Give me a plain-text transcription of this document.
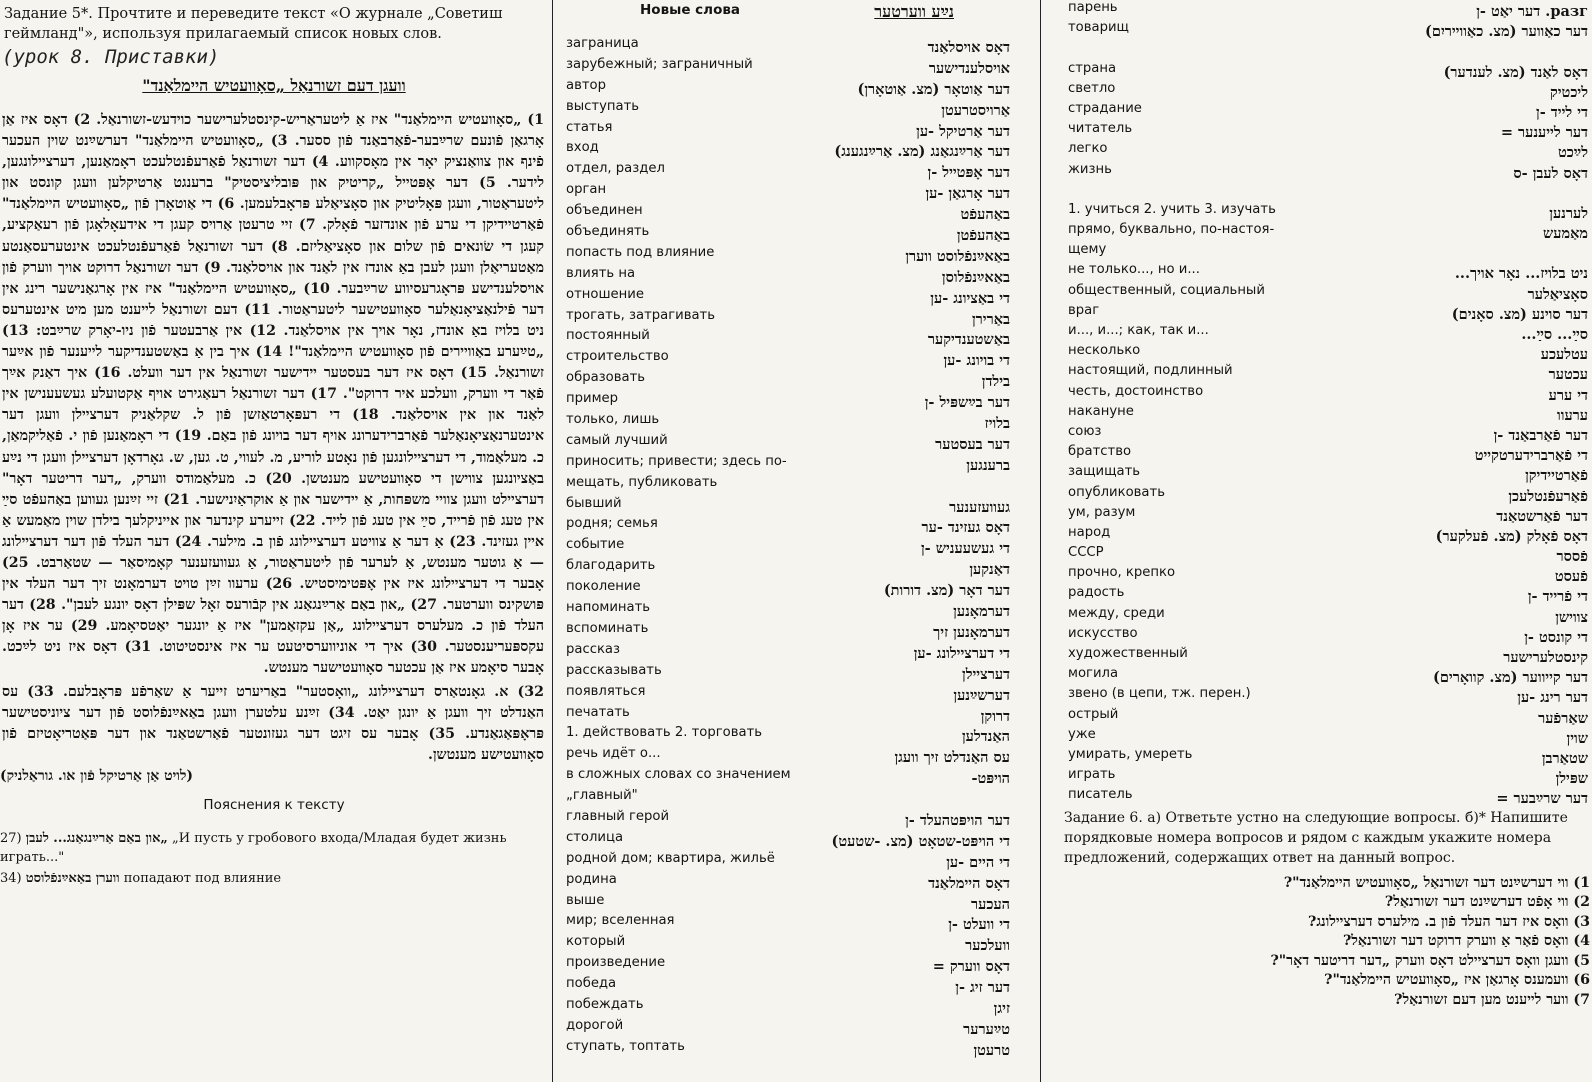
Задание 5*. Прочтите и переведите текст «О журнале „Советиш геймланд"», используя прилагаемый список новых слов.
(урок 8. Приставки)
וועגן דעם זשורנאַל „סאָוועטיש היימלאַנד"

1) „סאָוועטיש היימלאַנד" איז אַ ליטעראַריש-קינסטלערישער כוידעש-זשורנאַל. 2) דאָס איז אַן אָרגאַן פֿונעם שרײַבער-פֿאַרבאַנד פֿון ססער. 3) „סאָוועטיש היימלאַנד" דערשײַנט שוין העכער פֿינף און צוואַנציק יאָר אין מאָסקווע. 4) דער זשורנאַל פֿאַרעפֿנטלעכט ראָמאַנען, דערציילונגען, לידער. 5) דער אָפּטייל „קריטיק און פּובליציסטיק" ברענגט אַרטיקלען וועגן קונסט און ליטעראַטור, וועגן פּאָליטיק און סאָציאַלע פּראָבלעמען. 6) די אַוטאָרן פֿון „סאָוועטיש היימלאַנד" פֿאַרטיידיקן די ערע פֿון אונדזער פֿאָלק. 7) זיי טרעטן אַרויס קעגן די אידעאָלאָגן פֿון רעאַקציע, קעגן די שׂונאים פֿון שלום און סאָציאַליזם. 8) דער זשורנאַל פֿאַרעפֿנטלעכט אינטערעסאַנטע מאַטעריאַלן וועגן לעבן באַ אונדז אין לאַנד און אויסלאַנד. 9) דער זשורנאַל דרוקט אויך ווערק פֿון אויסלענדישע פּראָגרעסיווע שרײַבער. 10) „סאָוועטיש היימלאַנד" איז אין אָרגאַנישער רינג אין דער פֿילנאַציאָנאַלער סאָוועטישער ליטעראַטור. 11) דעם זשורנאַל לייענט מען מיט אינטערעס ניט בלויז באַ אונדז, נאָר אויך אין אויסלאַנד. 12) אין אַרבעטער פֿון ניו-יאָרק שרײַבט: 13) „טײַערע באַוויירים פֿון סאָוועטיש היימלאַנד"! 14) איך בין אַ באַשטענדיקער לייענער פֿון אײַער זשורנאַל. 15) דאָס איז דער בעסטער יידישער זשורנאַל אין דער וועלט. 16) איך דאַנק אײַך פֿאַר די ווערק, וועלכע איר דרוקט". 17) דער זשורנאַל רעאַגירט אויף אַקטועלע געשעענישן אין לאַנד און אין אויסלאַנד. 18) די רעפּאָרטאַזשן פֿון ל. שקלאַניק דערציילן וועגן דער אינטערנאַציאָנאַלער פֿאַרברידערונג אויף דער בויונג פֿון באַם. 19) די ראָמאַנען פֿון י. פֿאַליקמאַן, כ. מעלאַמוד, די דערציילונגען פֿון נאָטע לוריע, מ. לעווי, ט. גען, ש. גאָרדאָן דערציילן וועגן די נײַע באַציונגען צווישן די סאָוועטישע מענטשן. 20) כ. מעלאַמודס ווערק, „דער דריטער דאָר" דערציילט וועגן צוויי משפּחות, אַ יידישער און אַ אוקראַיִנישער. 21) זיי זײַנען געווען באַהעפֿט סײַ אין טעג פֿון פֿרייד, סײַ אין טעג פֿון לייד. 22) זייערע קינדער און אייניקלעך בילדן שוין מאַמעש אַ איין געזינד. 23) אַ דער אַ צוויטע דערציילונג פֿון ב. מילער. 24) דער העלד פֿון דער דערציילונג — אַ גוטער מענטש, אַ לערער פֿון ליטעראַטור, אַ געוועזענער קאָמיסאַר — שטאַרבט. 25) אָבער די דערציילונג איז אין אָפּטימיסטיש. 26) ערעוו זײַן טויט דערמאָנט זיך דער העלד אין פּושקינס ווערטער. 27) „און באַם אַרײַנגאַנג אין קבֿורעס זאָל שפּילן דאָס יונגע לעבן". 28) דער העלד פֿון כ. מעלערס דערציילונג „אַן עקזאַמען" איז אַ יונגער יאַטסיאָמע. 29) ער איז אָן עקספּעריענסטער. 30) איך די אוניווערסיטעט ער איז אינסטיטוט. 31) דאָס איז ניט לײַכט. אָבער סיאָמע איז אַן עכטער סאָוועטישער מענטש.

32) א. גאָנטאַרס דערציילונג „וואָסטער" באַריערט זייער אַ שאַרפֿע פּראָבלעם. 33) עס האַנדלט זיך וועגן אַ יונגן יאַט. 34) זײַנע עלטערן וועגן באַאײַנפֿלוסט פֿון דער ציוניסטישער פּראָפּאַגאַנדע. 35) אָבער עס זיגט דער געזונטער פֿאַרשטאַנד און דער פּאַטריאָטיזם פֿון סאָוועטישע מענטשן.

(לויט אַן אַרטיקל פֿון או. גוראַלניק)
Пояснения к тексту
27) „און באַם אַרײַנגאַנג... לעבן „И пусть у гробового входа/Младая будет жизнь играть..."
34) ווערן באַאײַנפֿלוסט попадают под влияние
Новые слова	נײַע ווערטער
заграница	דאָס אויסלאַנד
зарубежный; заграничный	אויסלענדישער
автор	דער אַוטאָר (מצ. אַוטאָרן)
выступать	אַרויסטרעטן
статья	דער אַרטיקל -ען
вход	דער אַרײַנגאַנג (מצ. אַרײַנגענג)
отдел, раздел	דער אָפּטייל -ן
орган	דער אָרגאַן -ען
объединен	באַהעפֿט
объединять	באַהעפֿטן
попасть под влияние	באַאײַנפֿלוסט ווערן
влиять на	באַאײַנפֿלוסן
отношение	די באַציונג -ען
трогать, затрагивать	באַרירן
постоянный	באַשטענדיקער
строительство	די בויונג -ען
образовать	בילדן
пример	דער בײַשפּיל -ן
только, лишь	בלויז
самый лучший	דער בעסטער
приносить; привести; здесь по-	ברענגען
мещать, публиковать
бывший	געוועזענער
родня; семья	דאָס געזינד -ער
событие	די געשעעניש -ן
благодарить	דאַנקען
поколение	דער דאָר (מצ. דורות)
напоминать	דערמאָנען
вспоминать	דערמאָנען זיך
рассказ	די דערציילונג -ען
рассказывать	דערציילן
появляться	דערשײַנען
печатать	דרוקן
1. действовать 2. торговать	האַנדלען
речь идёт о...	עס האַנדלט זיך וועגן
в сложных словах со значением	הויפּט-
„главный"
главный герой	דער הויפּטהעלד -ן
столица	די הויפּט-שטאָט (מצ. -שטעט)
родной дом; квартира, жильё	די היים -ען
родина	דאָס היימלאַנד
выше	העכער
мир; вселенная	די וועלט -ן
который	וועלכער
произведение	דאָס ווערק =
победа	דער זיג -ן
побеждать	זיגן
дорогой	טײַערער
ступать, топтать	טרעטן
парень	разг. דער יאַט -ן
товарищ	דער כאַווער (מצ. כאַווייריִם)
страна	דאָס לאַנד (מצ. לענדער)
светло	ליכטיק
страдание	די לייד -ן
читатель	דער לייענער =
легко	לײַכט
жизнь	דאָס לעבן -ס
1. учиться 2. учить 3. изучать	לערנען
прямо, буквально, по-настоя-	מאַמעש
щему
не только..., но и...	ניט בלויז... נאָר אויך...
общественный, социальный	סאָציאַלער
враг	דער סוינע (מצ. סאָנים)
и..., и...; как, так и...	סײַ... סײַ...
несколько	עטלעכע
настоящий, подлинный	עכטער
честь, достоинство	די ערע
накануне	ערעוו
союз	דער פֿאַרבאַנד -ן
братство	די פֿאַרברידערטקייט
защищать	פֿאַרטיידיקן
опубликовать	פֿאַרעפֿנטלעכן
ум, разум	דער פֿאַרשטאַנד
народ	דאָס פֿאָלק (מצ. פֿעלקער)
СССР	פֿססר
прочно, крепко	פֿעסט
радость	די פֿרייד -ן
между, среди	צווישן
искусство	די קונסט -ן
художественный	קינסטלערישער
могила	דער קייווער (מצ. קוואָרים)
звено (в цепи, тж. перен.)	דער רינג -ען
острый	שאַרפֿער
уже	שוין
умирать, умереть	שטאַרבן
играть	שפּילן
писатель	דער שרײַבער =
Задание 6. а) Ответьте устно на следующие вопросы. б)* Напишите порядковые номера вопросов и рядом с каждым укажите номера предложений, содержащих ответ на данный вопрос.
1) ווי דערשײַנט דער זשורנאַל „סאָוועטיש היימלאַנד"?
2) ווי אָפֿט דערשײַנט דער זשורנאַל?
3) וואָס איז דער העלד פֿון ב. מילערס דערציילונג?
4) וואָס פֿאַר אַ ווערק דרוקט דער זשורנאַל?
5) וועגן וואָס דערציילט דאָס ווערק „דער דריטער דאָר"?
6) וועמענס אָרגאַן איז „סאָוועטיש היימלאַנד"?
7) ווער לייענט מען דעם זשורנאַל?
